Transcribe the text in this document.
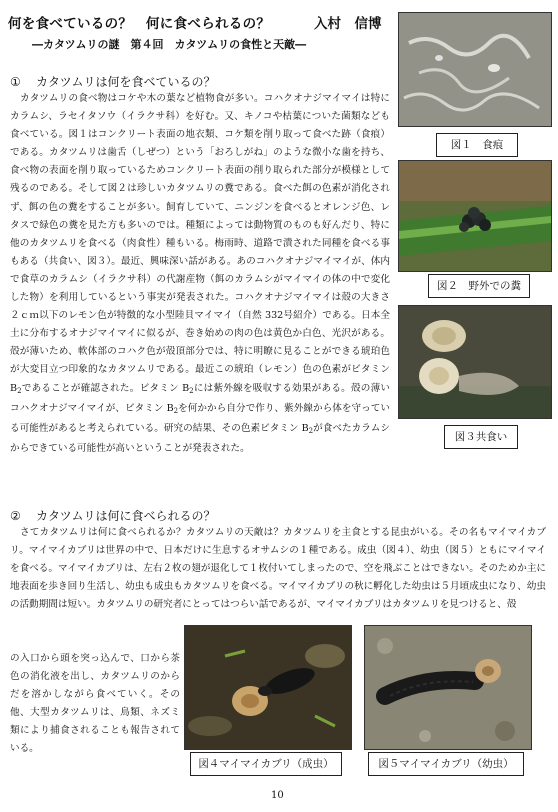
何を食べているの？　何に食べられるの？	入村　信博
―カタツムリの謎　第４回　カタツムリの食性と天敵―
① カタツムリは何を食べているの？
カタツムリの食べ物はコケや木の葉など植物食が多い。コハクオナジマイマイは特にカラムシ、ラセイタソウ（イラクサ科）を好む。又、キノコや枯葉についた菌類なども食べている。図１はコンクリート表面の地衣類、コケ類を削り取って食べた跡（食痕）である。カタツムリは歯舌（しぜつ）という「おろしがね」のような微小な歯を持ち、食べ物の表面を削り取っているためコンクリート表面の削り取られた部分が模様として残るのである。そして図２は珍しいカタツムリの糞である。食べた餌の色素が消化されず、餌の色の糞をすることが多い。飼育していて、ニンジンを食べるとオレンジ色、レタスで緑色の糞を見た方も多いのでは。種類によっては動物質のものも好んだり、特に他のカタツムリを食べる（肉食性）種もいる。梅雨時、道路で潰された同種を食べる事もある（共食い、図３）。最近、興味深い話がある。あのコハクオナジマイマイが、体内で食草のカラムシ（イラクサ科）の代謝産物（餌のカラムシがマイマイの体の中で変化した物）を利用しているという事実が発表された。コハクオナジマイマイは殻の大きさ２ｃｍ以下のレモン色が特徴的な小型陸貝マイマイ（自然 332号紹介）である。日本全土に分布するオナジマイマイに似るが、巻き始めの肉の色は黄色か白色、光沢がある。殻が薄いため、軟体部のコハク色が殻頂部分では、特に明瞭に見ることができる琥珀色が大変目立つ印象的なカタツムリである。最近この琥珀（レモン）色の色素がビタミン $B_2$であることが確認された。ビタミン $B_2$には紫外線を吸収する効果がある。殻の薄いコハクオナジマイマイが、ビタミン $B_2$を何かから自分で作り、紫外線から体を守っている可能性があると考えられている。研究の結果、その色素ビタミン $B_2$が食べたカラムシからできている可能性が高いということが発表された。
図１　食痕
図２　野外での糞
図３共食い
② カタツムリは何に食べられるの？
さてカタツムリは何に食べられるか？カタツムリの天敵は？カタツムリを主食とする昆虫がいる。その名もマイマイカブリ。マイマイカブリは世界の中で、日本だけに生息するオサムシの１種である。成虫（図４）、幼虫（図５）ともにマイマイを食べる。マイマイカブリは、左右２枚の翅が退化して１枚付いてしまったので、空を飛ぶことはできない。そのためか主に地表面を歩き回り生活し、幼虫も成虫もカタツムリを食べる。マイマイカブリの秋に孵化した幼虫は５月頃成虫になり、幼虫の活動期間は短い。カタツムリの研究者にとってはつらい話であるが、マイマイカブリはカタツムリを見つけると、殻
の入口から頭を突っ込んで、口から茶色の消化液を出し、カタツムリのからだを溶かしながら食べていく。その他、大型カタツムリは、鳥類、ネズミ類により捕食されることも報告されている。
図４マイマイカブリ（成虫）	図５マイマイカブリ（幼虫）
10
